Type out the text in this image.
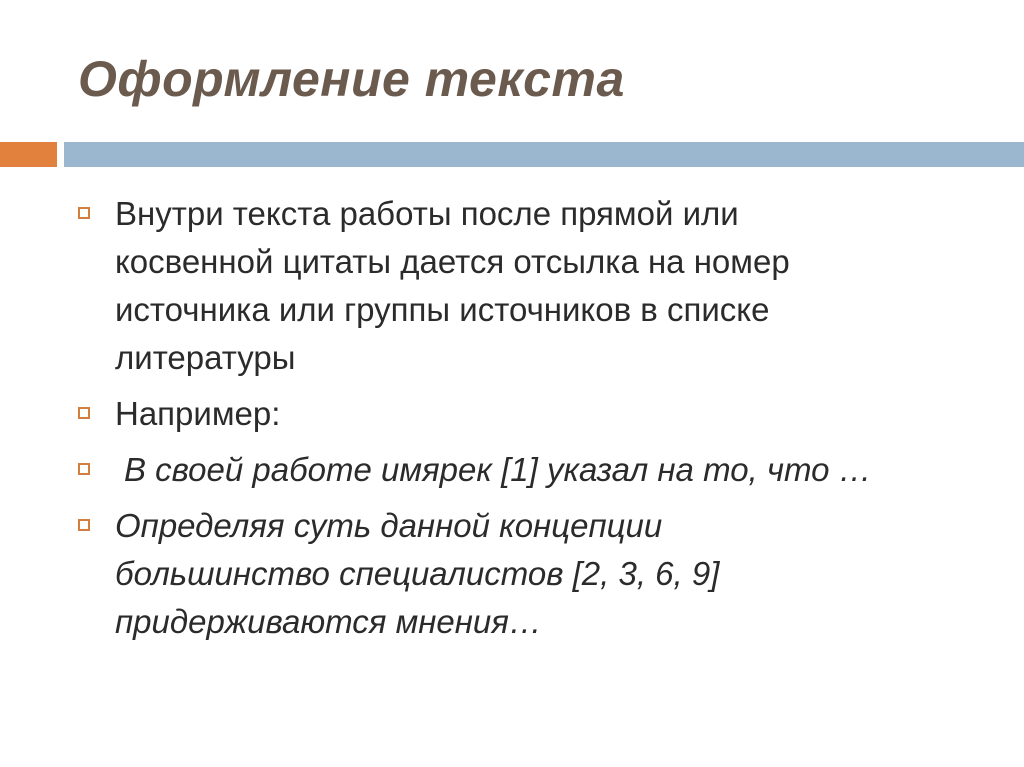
Оформление текста
Внутри текста работы после прямой или косвенной цитаты дается отсылка на номер источника или группы источников в списке литературы
Например:
В своей работе имярек [1] указал на то, что …
Определяя суть данной концепции большинство специалистов [2, 3, 6, 9] придерживаются мнения…
